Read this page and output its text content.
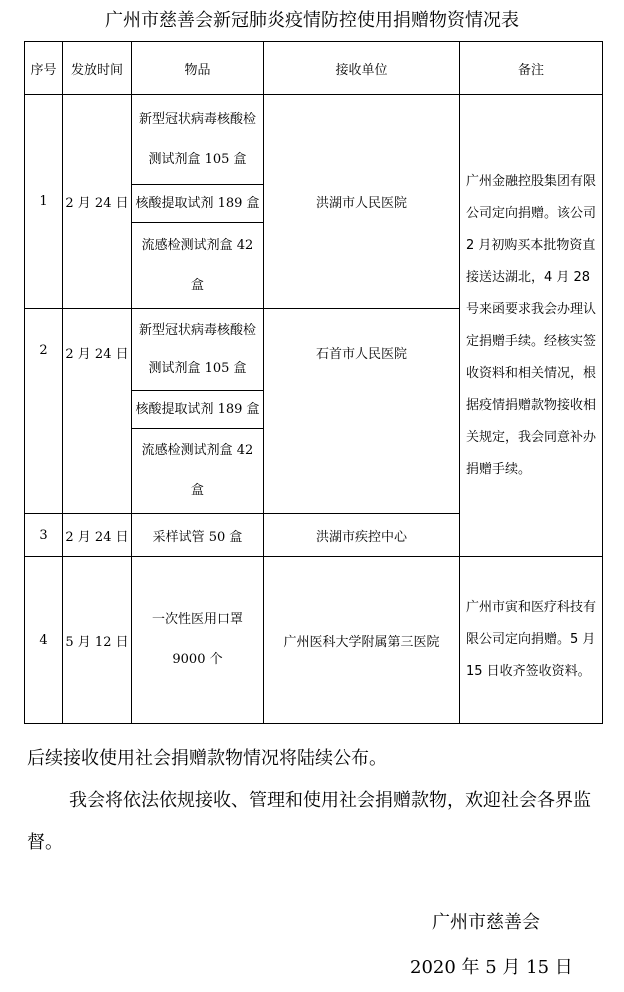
广州市慈善会新冠肺炎疫情防控使用捐赠物资情况表
序号	发放时间	物品	接收单位	备注
1	2 月 24 日	新型冠状病毒核酸检测试剂盒 105 盒
核酸提取试剂 189 盒
流感检测试剂盒 42 盒	洪湖市人民医院	广州金融控股集团有限公司定向捐赠。该公司 2 月初购买本批物资直接送达湖北，4 月 28 号来函要求我会办理认定捐赠手续。经核实签收资料和相关情况，根据疫情捐赠款物接收相关规定，我会同意补办捐赠手续。
2	2 月 24 日	新型冠状病毒核酸检测试剂盒 105 盒
核酸提取试剂 189 盒
流感检测试剂盒 42 盒	石首市人民医院	
3	2 月 24 日	采样试管 50 盒	洪湖市疾控中心	
4	5 月 12 日	一次性医用口罩 9000 个	广州医科大学附属第三医院	广州市寅和医疗科技有限公司定向捐赠。5 月 15 日收齐签收资料。
后续接收使用社会捐赠款物情况将陆续公布。
我会将依法依规接收、管理和使用社会捐赠款物，欢迎社会各界监督。
广州市慈善会
2020 年 5 月 15 日
